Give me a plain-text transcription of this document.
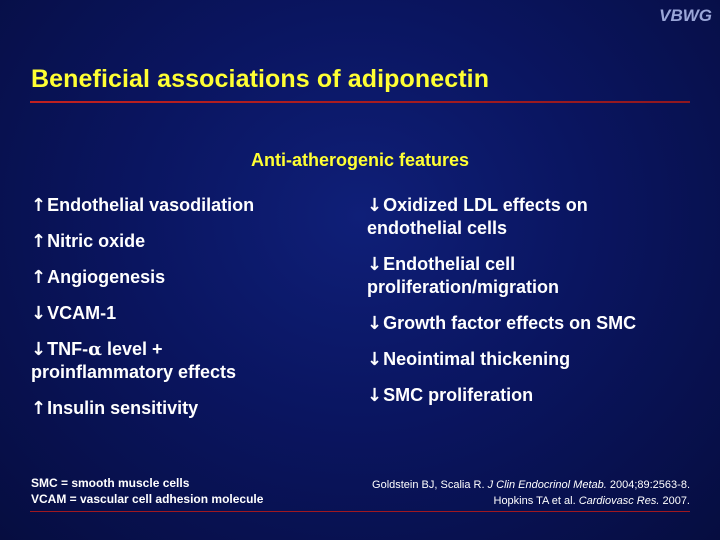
VBWG
Beneficial associations of adiponectin
Anti-atherogenic features
↑Endothelial vasodilation
↑Nitric oxide
↑Angiogenesis
↓VCAM-1
↓TNF-α level +
proinflammatory effects
↑Insulin sensitivity
↓Oxidized LDL effects on
endothelial cells
↓Endothelial cell
proliferation/migration
↓Growth factor effects on SMC
↓Neointimal thickening
↓SMC proliferation
SMC = smooth muscle cells
VCAM = vascular cell adhesion molecule
Goldstein BJ, Scalia R. J Clin Endocrinol Metab. 2004;89:2563-8.
Hopkins TA et al. Cardiovasc Res. 2007.
